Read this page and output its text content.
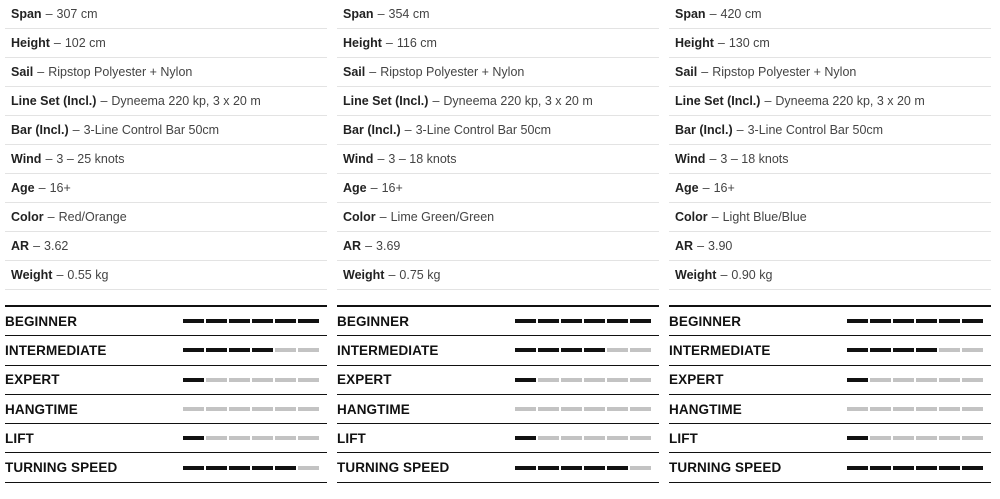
Span – 307 cm
Height – 102 cm
Sail – Ripstop Polyester + Nylon
Line Set (Incl.) – Dyneema 220 kp, 3 x 20 m
Bar (Incl.) – 3-Line Control Bar 50cm
Wind – 3 – 25 knots
Age – 16+
Color – Red/Orange
AR – 3.62
Weight – 0.55 kg
BEGINNER
INTERMEDIATE
EXPERT
HANGTIME
LIFT
TURNING SPEED
Span – 354 cm
Height – 116 cm
Sail – Ripstop Polyester + Nylon
Line Set (Incl.) – Dyneema 220 kp, 3 x 20 m
Bar (Incl.) – 3-Line Control Bar 50cm
Wind – 3 – 18 knots
Age – 16+
Color – Lime Green/Green
AR – 3.69
Weight – 0.75 kg
BEGINNER
INTERMEDIATE
EXPERT
HANGTIME
LIFT
TURNING SPEED
Span – 420 cm
Height – 130 cm
Sail – Ripstop Polyester + Nylon
Line Set (Incl.) – Dyneema 220 kp, 3 x 20 m
Bar (Incl.) – 3-Line Control Bar 50cm
Wind – 3 – 18 knots
Age – 16+
Color – Light Blue/Blue
AR – 3.90
Weight – 0.90 kg
BEGINNER
INTERMEDIATE
EXPERT
HANGTIME
LIFT
TURNING SPEED
